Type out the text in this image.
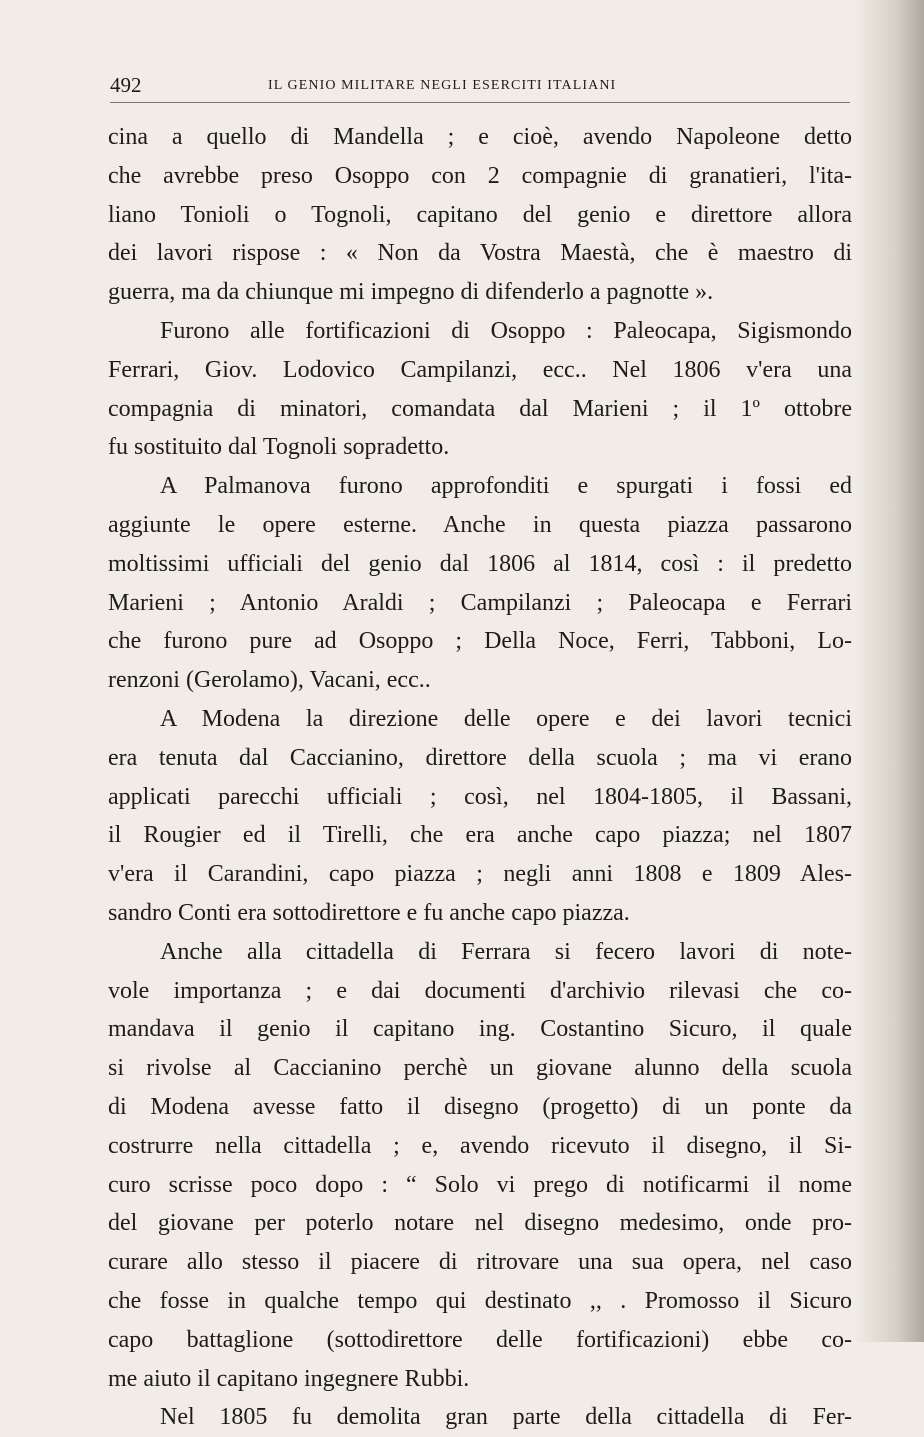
492	IL GENIO MILITARE NEGLI ESERCITI ITALIANI
cina a quello di Mandella ; e cioè, avendo Napoleone detto
che avrebbe preso Osoppo con 2 compagnie di granatieri, l'ita-
liano Tonioli o Tognoli, capitano del genio e direttore allora
dei lavori rispose : « Non da Vostra Maestà, che è maestro di
guerra, ma da chiunque mi impegno di difenderlo a pagnotte ».
Furono alle fortificazioni di Osoppo : Paleocapa, Sigismondo
Ferrari, Giov. Lodovico Campilanzi, ecc.. Nel 1806 v'era una
compagnia di minatori, comandata dal Marieni ; il 1º ottobre
fu sostituito dal Tognoli sopradetto.
A Palmanova furono approfonditi e spurgati i fossi ed
aggiunte le opere esterne. Anche in questa piazza passarono
moltissimi ufficiali del genio dal 1806 al 1814, così : il predetto
Marieni ; Antonio Araldi ; Campilanzi ; Paleocapa e Ferrari
che furono pure ad Osoppo ; Della Noce, Ferri, Tabboni, Lo-
renzoni (Gerolamo), Vacani, ecc..
A Modena la direzione delle opere e dei lavori tecnici
era tenuta dal Caccianino, direttore della scuola ; ma vi erano
applicati parecchi ufficiali ; così, nel 1804-1805, il Bassani,
il Rougier ed il Tirelli, che era anche capo piazza; nel 1807
v'era il Carandini, capo piazza ; negli anni 1808 e 1809 Ales-
sandro Conti era sottodirettore e fu anche capo piazza.
Anche alla cittadella di Ferrara si fecero lavori di note-
vole importanza ; e dai documenti d'archivio rilevasi che co-
mandava il genio il capitano ing. Costantino Sicuro, il quale
si rivolse al Caccianino perchè un giovane alunno della scuola
di Modena avesse fatto il disegno (progetto) di un ponte da
costrurre nella cittadella ; e, avendo ricevuto il disegno, il Si-
curo scrisse poco dopo : “ Solo vi prego di notificarmi il nome
del giovane per poterlo notare nel disegno medesimo, onde pro-
curare allo stesso il piacere di ritrovare una sua opera, nel caso
che fosse in qualche tempo qui destinato ,, . Promosso il Sicuro
capo battaglione (sottodirettore delle fortificazioni) ebbe co-
me aiuto il capitano ingegnere Rubbi.
Nel 1805 fu demolita gran parte della cittadella di Fer-
